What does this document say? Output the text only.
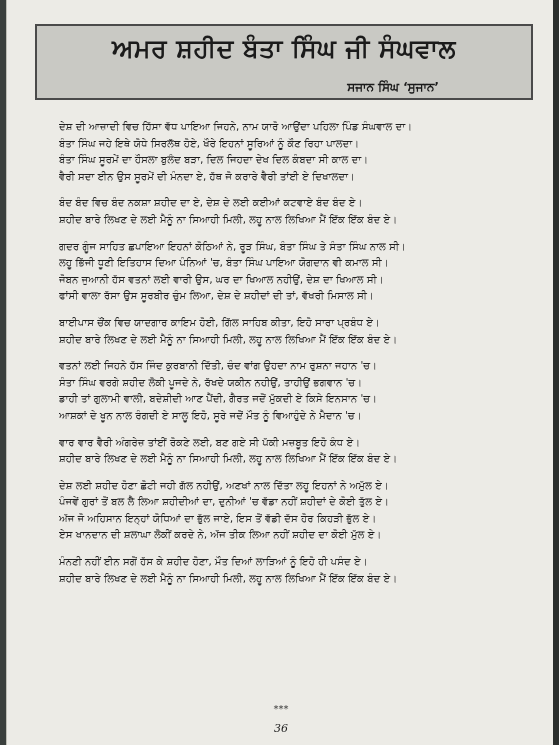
ਅਮਰ ਸ਼ਹੀਦ ਬੰਤਾ ਸਿੰਘ ਜੀ ਸੰਘਵਾਲ
ਸਜਾਨ ਸਿੰਘ ‘ਸੁਜਾਨ’
ਦੇਸ਼ ਦੀ ਆਜ਼ਾਦੀ ਵਿਚ ਹਿੱਸਾ ਵੱਧ ਪਾਇਆ ਜਿਹਨੇ, ਨਾਮ ਯਾਰੋ ਆਉਂਦਾ ਪਹਿਲਾ ਪਿੰਡ ਸੰਘਵਾਲ ਦਾ।
ਬੰਤਾ ਸਿੰਘ ਜਹੇ ਇਥੇ ਯੋਧੇ ਸਿਰਲੱਥ ਹੋਏ, ਖੌਰੇ ਇਹਨਾਂ ਸੂਰਿਆਂ ਨੂੰ ਕੌਣ ਰਿਹਾ ਪਾਲਦਾ।
ਬੰਤਾ ਸਿੰਘ ਸੂਰਮੇਂ ਦਾ ਹੌਸਲਾ ਬੁਲੰਦ ਬੜਾ, ਦਿਲ ਜਿਹਦਾ ਦੇਖ ਦਿਲ ਕੰਬਦਾ ਸੀ ਕਾਲ ਦਾ।
ਵੈਰੀ ਸਦਾ ਈਨ ਉਸ ਸੂਰਮੇਂ ਦੀ ਮੰਨਦਾ ਏ, ਹੱਥ ਜੋ ਕਰਾਰੇ ਵੈਰੀ ਤਾਂਈ ਏ ਦਿਖਾਲਦਾ।
ਬੰਦ ਬੰਦ ਵਿਚ ਬੰਦ ਨਕਸ਼ਾ ਸ਼ਹੀਦ ਦਾ ਏ, ਦੇਸ਼ ਦੇ ਲਈ ਕਈਆਂ ਕਟਵਾਏ ਬੰਦ ਬੰਦ ਏ।
ਸ਼ਹੀਦ ਬਾਰੇ ਲਿਖਣ ਦੇ ਲਈ ਮੈਨੂੰ ਨਾ ਸਿਆਹੀ ਮਿਲੀ, ਲਹੂ ਨਾਲ ਲਿਖਿਆ ਮੈਂ ਇੱਕ ਇੱਕ ਬੰਦ ਏ।
ਗਦਰ ਗੂੰਜ ਸਾਹਿਤ ਛਪਾਇਆ ਇਹਨਾਂ ਕੋਠਿਆਂ ਨੇ, ਰੂੜ ਸਿੰਘ, ਬੰਤਾ ਸਿੰਘ ਤੇ ਸੰਤਾ ਸਿੰਘ ਨਾਲ ਸੀ।
ਲਹੂ ਭਿੱਜੀ ਧੂਣੀ ਇਤਿਹਾਸ ਦਿਆ ਪੰਨਿਆਂ 'ਚ, ਬੰਤਾ ਸਿੰਘ ਪਾਇਆ ਯੋਗਦਾਨ ਵੀ ਕਮਾਲ ਸੀ।
ਜੋਬਨ ਜੁਆਨੀ ਹੱਸ ਵਤਨਾਂ ਲਈ ਵਾਰੀ ਉਸ, ਘਰ ਦਾ ਖਿਆਲ ਨਹੀਉਂ, ਦੇਸ਼ ਦਾ ਖਿਆਲ ਸੀ।
ਫਾਂਸੀ ਵਾਲਾ ਰੱਸਾ ਉਸ ਸੂਰਬੀਰ ਚੁੰਮ ਲਿਆ, ਦੇਸ਼ ਦੇ ਸ਼ਹੀਦਾਂ ਦੀ ਤਾਂ, ਵੱਖਰੀ ਮਿਸਾਲ ਸੀ।
ਬਾਈਪਾਸ ਚੌਂਕ ਵਿਚ ਯਾਦਗਾਰ ਕਾਇਮ ਹੋਈ, ਗਿੱਲ ਸਾਹਿਬ ਕੀਤਾ, ਇਹੋ ਸਾਰਾ ਪ੍ਰਬੰਧ ਏ।
ਸ਼ਹੀਦ ਬਾਰੇ ਲਿਖਣ ਦੇ ਲਈ ਮੈਨੂੰ ਨਾ ਸਿਆਹੀ ਮਿਲੀ, ਲਹੂ ਨਾਲ ਲਿਖਿਆ ਮੈਂ ਇੱਕ ਇੱਕ ਬੰਦ ਏ।
ਵਤਨਾਂ ਲਈ ਜਿਹਨੇ ਹੱਸ ਜਿੰਦ ਕੁਰਬਾਨੀ ਦਿੱਤੀ, ਚੰਦ ਵਾਂਗ ਉਹਦਾ ਨਾਮ ਰੁਸ਼ਨਾ ਜਹਾਨ 'ਚ।
ਸੰਤਾ ਸਿੰਘ ਵਰਗੇ ਸ਼ਹੀਦ ਲੋਕੀ ਪੂਜਦੇ ਨੇ, ਰੱਖਦੇ ਯਕੀਨ ਨਹੀਉਂ, ਤਾਹੀਉਂ ਭਗਵਾਨ 'ਚ।
ਡਾਹੀ ਤਾਂ ਗੁਲਾਮੀ ਵਾਲੀ, ਬਦੇਸ਼ੀਦੀ ਆਣ ਪੈਂਦੀ, ਗੈਰਤ ਜਦੋਂ ਮੁੱਕਦੀ ਏ ਕਿਸੇ ਇਨਸਾਨ 'ਚ।
ਆਸ਼ਕਾਂ ਦੇ ਖੂਨ ਨਾਲ ਰੰਗਦੀ ਏ ਸਾਲੂ ਇਹੋ, ਸੂਰੇ ਜਦੋਂ ਮੌਤ ਨੂੰ ਵਿਆਹੁੰਦੇ ਨੇ ਮੈਦਾਨ 'ਚ।
ਵਾਰ ਵਾਰ ਵੈਰੀ ਅੰਗਰੇਜ਼ ਤਾਂਈਂ ਰੋਕਣੇ ਲਈ, ਬਣ ਗਏ ਸੀ ਪੱਕੀ ਮਜ਼ਬੂਤ ਇਹੋ ਕੰਧ ਏ।
ਸ਼ਹੀਦ ਬਾਰੇ ਲਿਖਣ ਦੇ ਲਈ ਮੈਨੂੰ ਨਾ ਸਿਆਹੀ ਮਿਲੀ, ਲਹੂ ਨਾਲ ਲਿਖਿਆ ਮੈਂ ਇੱਕ ਇੱਕ ਬੰਦ ਏ।
ਦੇਸ਼ ਲਈ ਸ਼ਹੀਦ ਹੋਣਾ ਛੋਟੀ ਜਹੀ ਗੱਲ ਨਹੀਉਂ, ਅਣਖਾਂ ਨਾਲ ਦਿੱਤਾ ਲਹੂ ਇਹਨਾਂ ਨੇ ਅਮੁੱਲ ਏ।
ਪੰਜਵੇਂ ਗੁਰਾਂ ਤੋਂ ਬਲ ਲੈ ਲਿਆ ਸ਼ਹੀਦੀਆਂ ਦਾ, ਦੁਨੀਆਂ 'ਚ ਵੱਡਾ ਨਹੀਂ ਸ਼ਹੀਦਾਂ ਦੇ ਕੋਈ ਤੁੱਲ ਏ।
ਅੱਜ ਜੋ ਅਹਿਸਾਨ ਇਨ੍ਹਾਂ ਯੋਧਿਆਂ ਦਾ ਭੁੱਲ ਜਾਏ, ਇਸ ਤੋਂ ਵੱਡੀ ਦੱਸ ਹੋਰ ਕਿਹੜੀ ਭੁੱਲ ਏ।
ਏਸ ਖਾਨਦਾਨ ਦੀ ਸ਼ਲਾਘਾ ਲੋਕੀਂ ਕਰਦੇ ਨੇ, ਅੱਜ ਤੀਕ ਲਿਆ ਨਹੀਂ ਸ਼ਹੀਦ ਦਾ ਕੋਈ ਮੁੱਲ ਏ।
ਮੰਨਣੀ ਨਹੀਂ ਈਨ ਸਗੋਂ ਹੱਸ ਕੇ ਸ਼ਹੀਦ ਹੋਣਾ, ਮੌਤ ਦਿਆਂ ਲਾੜਿਆਂ ਨੂੰ ਇਹੋ ਹੀ ਪਸੰਦ ਏ।
ਸ਼ਹੀਦ ਬਾਰੇ ਲਿਖਣ ਦੇ ਲਈ ਮੈਨੂੰ ਨਾ ਸਿਆਹੀ ਮਿਲੀ, ਲਹੂ ਨਾਲ ਲਿਖਿਆ ਮੈਂ ਇੱਕ ਇੱਕ ਬੰਦ ਏ।
***
36
